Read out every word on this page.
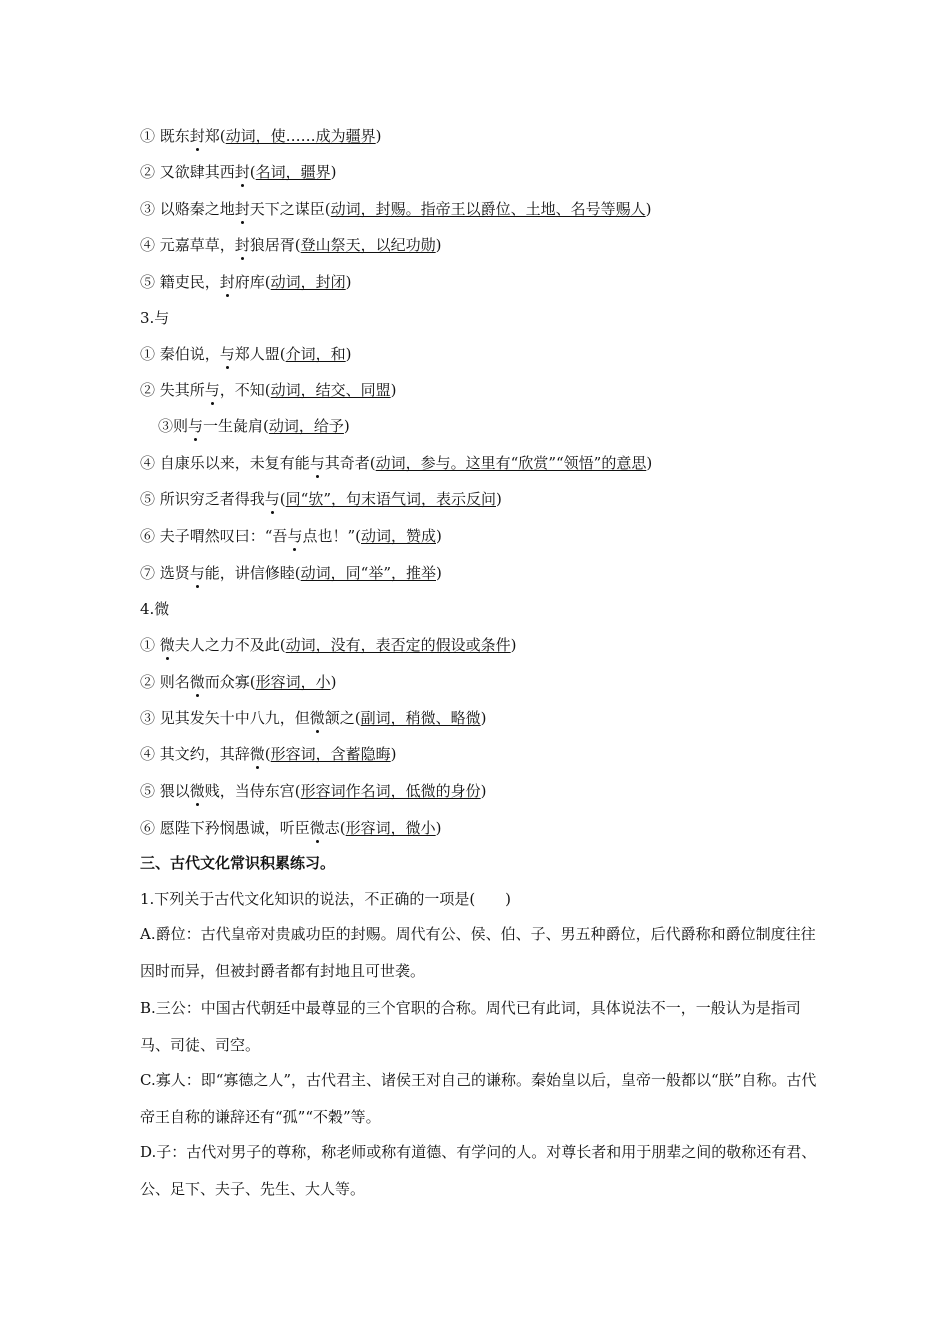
① 既东封郑(动词，使……成为疆界)
② 又欲肆其西封(名词，疆界)
③ 以赂秦之地封天下之谋臣(动词，封赐。指帝王以爵位、土地、名号等赐人)
④ 元嘉草草，封狼居胥(登山祭天，以纪功勋)
⑤ 籍吏民，封府库(动词，封闭)
3.与
① 秦伯说，与郑人盟(介词，和)
② 失其所与，不知(动词，结交、同盟)
③则与一生彘肩(动词，给予)
④ 自康乐以来，未复有能与其奇者(动词，参与。这里有“欣赏”“领悟”的意思)
⑤ 所识穷乏者得我与(同“欤”，句末语气词，表示反问)
⑥ 夫子喟然叹曰：“吾与点也！”(动词，赞成)
⑦ 选贤与能，讲信修睦(动词，同“举”，推举)
4.微
① 微夫人之力不及此(动词，没有，表否定的假设或条件)
② 则名微而众寡(形容词，小)
③ 见其发矢十中八九，但微颔之(副词，稍微、略微)
④ 其文约，其辞微(形容词，含蓄隐晦)
⑤ 猥以微贱，当侍东宫(形容词作名词，低微的身份)
⑥ 愿陛下矜悯愚诚，听臣微志(形容词，微小)
三、古代文化常识积累练习。
1.下列关于古代文化知识的说法，不正确的一项是(　　)
A.爵位：古代皇帝对贵戚功臣的封赐。周代有公、侯、伯、子、男五种爵位，后代爵称和爵位制度往往因时而异，但被封爵者都有封地且可世袭。
B.三公：中国古代朝廷中最尊显的三个官职的合称。周代已有此词，具体说法不一，一般认为是指司马、司徒、司空。
C.寡人：即“寡德之人”，古代君主、诸侯王对自己的谦称。秦始皇以后，皇帝一般都以“朕”自称。古代帝王自称的谦辞还有“孤”“不穀”等。
D.子：古代对男子的尊称，称老师或称有道德、有学问的人。对尊长者和用于朋辈之间的敬称还有君、公、足下、夫子、先生、大人等。
